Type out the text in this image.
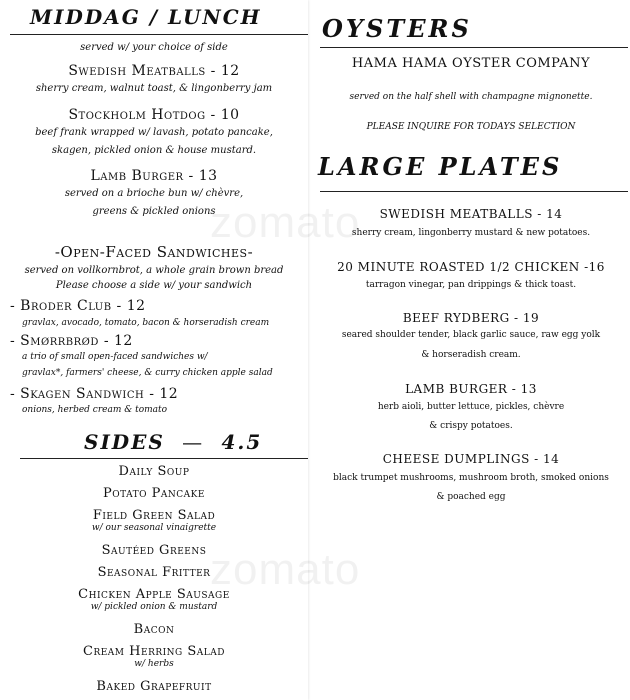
MIDDAG / LUNCH
served w/ your choice of side
Swedish Meatballs - 12
sherry cream, walnut toast, & lingonberry jam
Stockholm Hotdog - 10
beef frank wrapped w/ lavash, potato pancake,
skagen, pickled onion & house mustard.
Lamb Burger - 13
served on a brioche bun w/ chèvre,
greens & pickled onions
-Open-Faced Sandwiches-
served on vollkornbrot, a whole grain brown bread
Please choose a side w/ your sandwich
- Broder Club - 12
gravlax, avocado, tomato, bacon & horseradish cream
- Smørrbrød - 12
a trio of small open-faced sandwiches w/
gravlax*, farmers' cheese, & curry chicken apple salad
- Skagen Sandwich - 12
onions, herbed cream & tomato
SIDES  —  4.5
Daily Soup
Potato Pancake
Field Green Salad
w/ our seasonal vinaigrette
Sautéed Greens
Seasonal Fritter
Chicken Apple Sausage
w/ pickled onion & mustard
Bacon
Cream Herring Salad
w/ herbs
Baked Grapefruit
OYSTERS
HAMA HAMA OYSTER COMPANY
served on the half shell with champagne mignonette.
PLEASE INQUIRE FOR TODAYS SELECTION
LARGE PLATES
SWEDISH MEATBALLS - 14
sherry cream, lingonberry mustard & new potatoes.
20 MINUTE ROASTED 1/2 CHICKEN -16
tarragon vinegar, pan drippings & thick toast.
BEEF RYDBERG - 19
seared shoulder tender, black garlic sauce, raw egg yolk
& horseradish cream.
LAMB BURGER - 13
herb aioli, butter lettuce, pickles, chèvre
& crispy potatoes.
CHEESE DUMPLINGS - 14
black trumpet mushrooms, mushroom broth, smoked onions
& poached egg
zomato
zomato
